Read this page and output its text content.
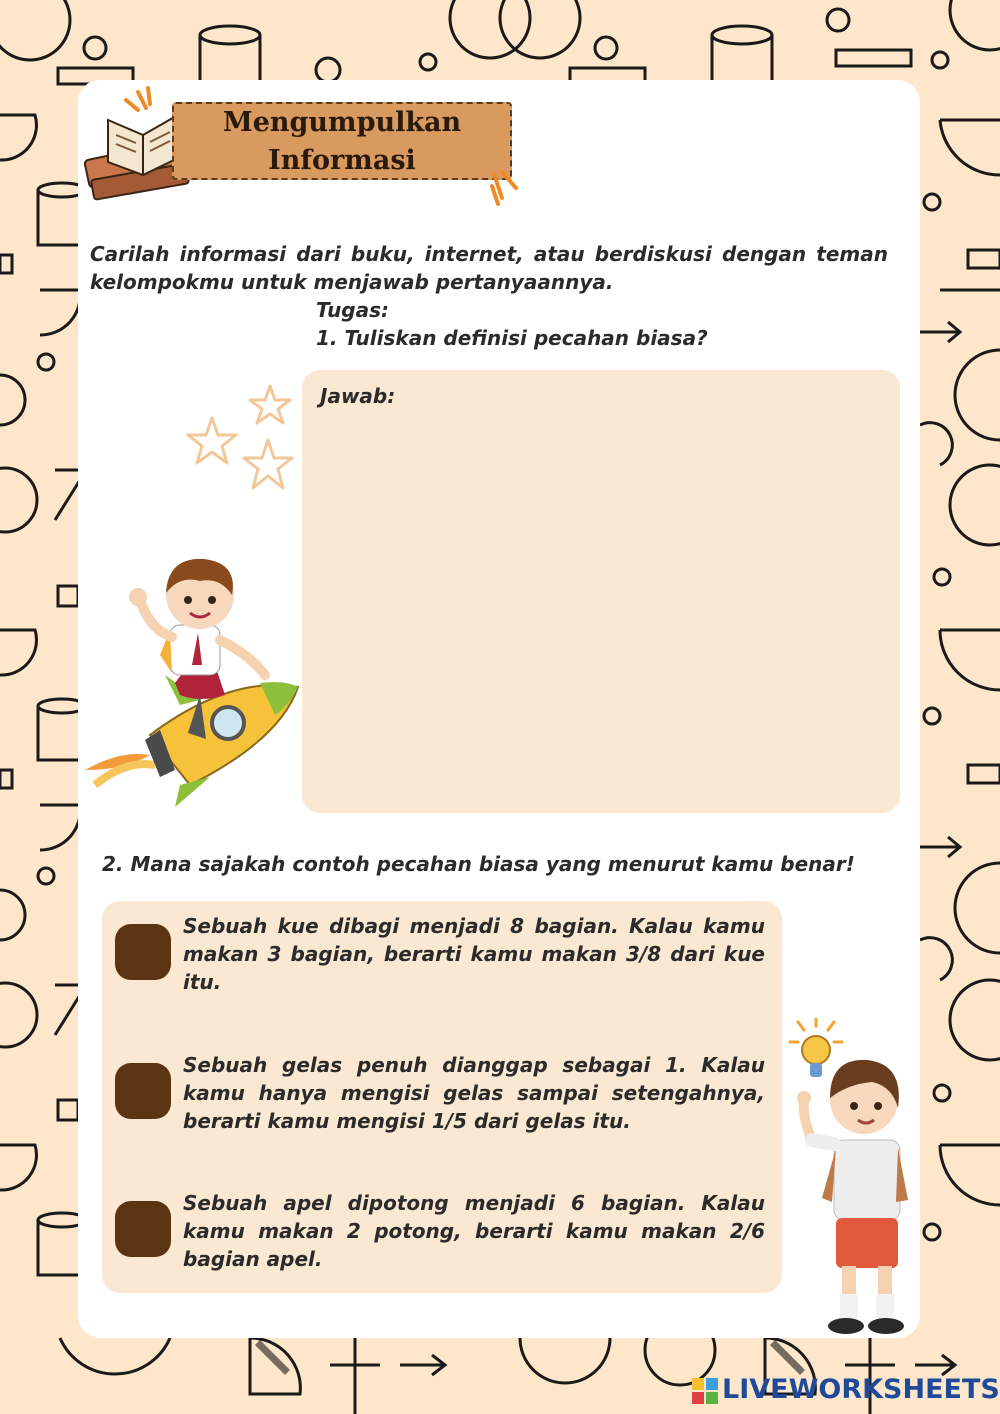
Mengumpulkan
Informasi
Carilah informasi dari buku, internet, atau berdiskusi dengan teman kelompokmu untuk menjawab pertanyaannya.
Tugas:
1. Tuliskan definisi pecahan biasa?
Jawab:
2. Mana sajakah contoh pecahan biasa yang menurut kamu benar!
Sebuah kue dibagi menjadi 8 bagian. Kalau kamu makan 3 bagian, berarti kamu makan 3/8 dari kue itu.
Sebuah gelas penuh dianggap sebagai 1. Kalau kamu hanya mengisi gelas sampai setengahnya, berarti kamu mengisi 1/5 dari gelas itu.
Sebuah apel dipotong menjadi 6 bagian. Kalau kamu makan 2 potong, berarti kamu makan 2/6 bagian apel.
LIVEWORKSHEETS
